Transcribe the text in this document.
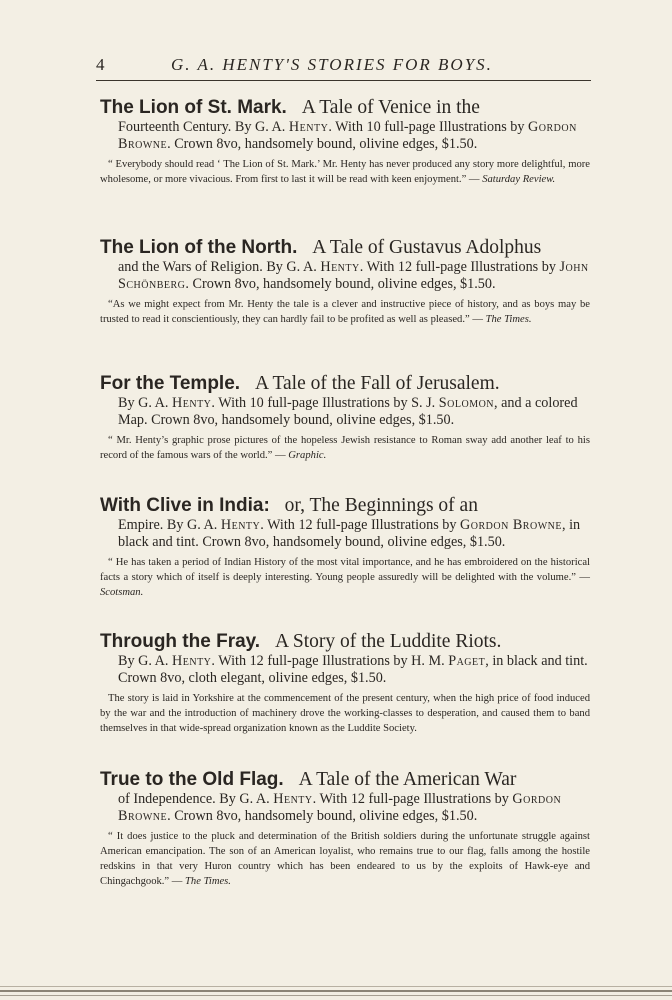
4	G. A. HENTY'S STORIES FOR BOYS.

The Lion of St. Mark. A Tale of Venice in the

Fourteenth Century. By G. A. Henty. With 10 full-page Illustrations by Gordon Browne. Crown 8vo, handsomely bound, olivine edges, $1.50.

“ Everybody should read ‘ The Lion of St. Mark.’ Mr. Henty has never produced any story more delightful, more wholesome, or more vivacious. From first to last it will be read with keen enjoyment.” — Saturday Review.

The Lion of the North. A Tale of Gustavus Adolphus

and the Wars of Religion. By G. A. Henty. With 12 full-page Illustrations by John Schönberg. Crown 8vo, handsomely bound, olivine edges, $1.50.

“As we might expect from Mr. Henty the tale is a clever and instructive piece of history, and as boys may be trusted to read it conscientiously, they can hardly fail to be profited as well as pleased.” — The Times.

For the Temple. A Tale of the Fall of Jerusalem.

By G. A. Henty. With 10 full-page Illustrations by S. J. Solomon, and a colored Map. Crown 8vo, handsomely bound, olivine edges, $1.50.

“ Mr. Henty’s graphic prose pictures of the hopeless Jewish resistance to Roman sway add another leaf to his record of the famous wars of the world.” — Graphic.

With Clive in India: or, The Beginnings of an

Empire. By G. A. Henty. With 12 full-page Illustrations by Gordon Browne, in black and tint. Crown 8vo, handsomely bound, olivine edges, $1.50.

“ He has taken a period of Indian History of the most vital importance, and he has embroidered on the historical facts a story which of itself is deeply interesting. Young people assuredly will be delighted with the volume.” — Scotsman.

Through the Fray. A Story of the Luddite Riots.

By G. A. Henty. With 12 full-page Illustrations by H. M. Paget, in black and tint. Crown 8vo, cloth elegant, olivine edges, $1.50.

The story is laid in Yorkshire at the commencement of the present century, when the high price of food induced by the war and the introduction of machinery drove the working-classes to desperation, and caused them to band themselves in that wide-spread organization known as the Luddite Society.

True to the Old Flag. A Tale of the American War

of Independence. By G. A. Henty. With 12 full-page Illustrations by Gordon Browne. Crown 8vo, handsomely bound, olivine edges, $1.50.

“ It does justice to the pluck and determination of the British soldiers during the unfortunate struggle against American emancipation. The son of an American loyalist, who remains true to our flag, falls among the hostile redskins in that very Huron country which has been endeared to us by the exploits of Hawk-eye and Chingachgook.” — The Times.
